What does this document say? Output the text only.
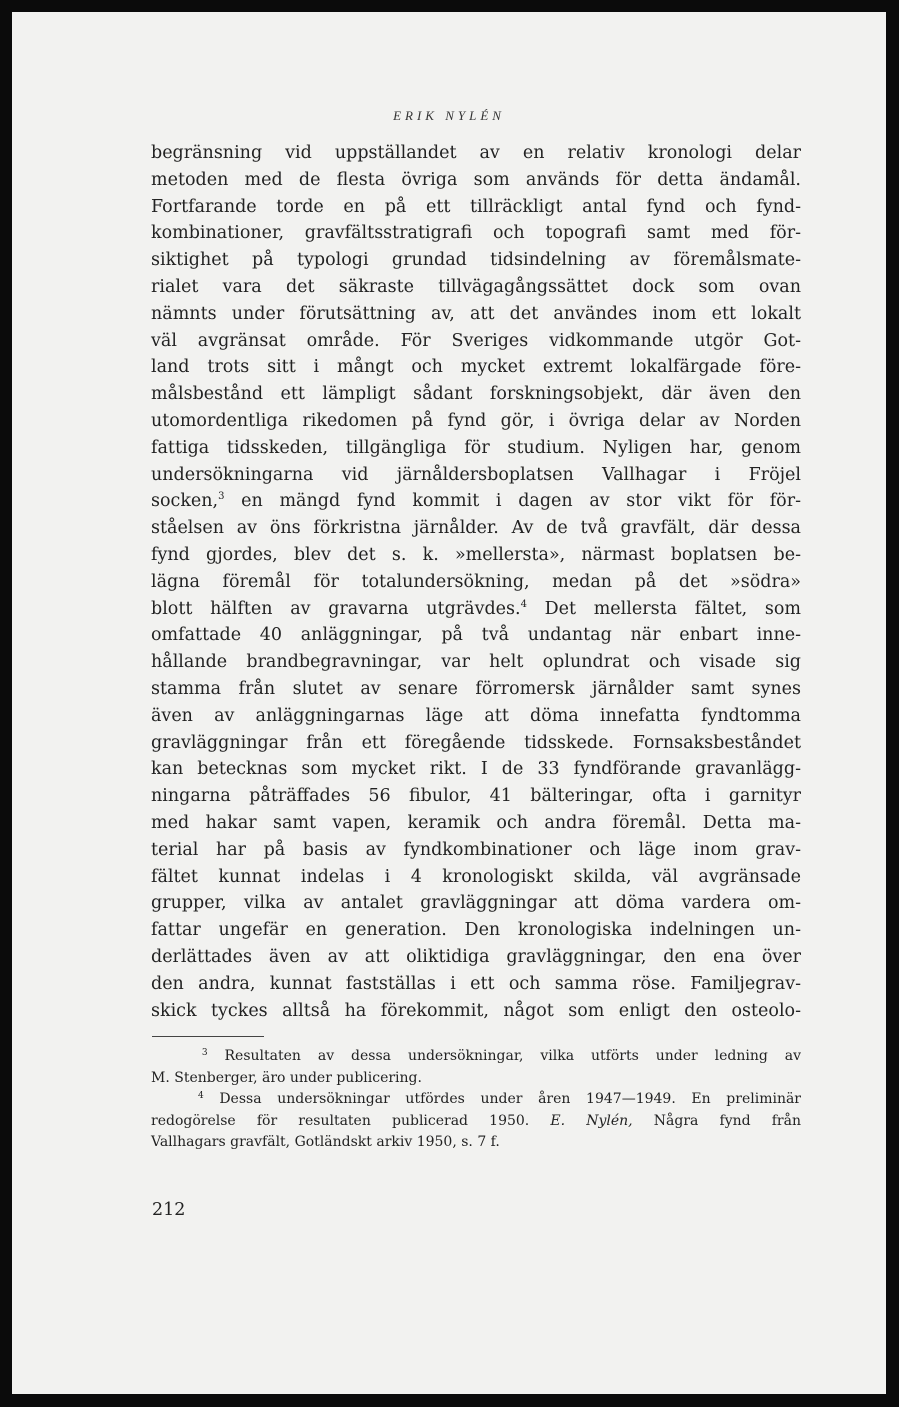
ERIK NYLÉN
begränsning vid uppställandet av en relativ kronologi delar
metoden med de flesta övriga som används för detta ändamål.
Fortfarande torde en på ett tillräckligt antal fynd och fynd-
kombinationer, gravfältsstratigrafi och topografi samt med för-
siktighet på typologi grundad tidsindelning av föremålsmate-
rialet vara det säkraste tillvägagångssättet dock som ovan
nämnts under förutsättning av, att det användes inom ett lokalt
väl avgränsat område. För Sveriges vidkommande utgör Got-
land trots sitt i mångt och mycket extremt lokalfärgade före-
målsbestånd ett lämpligt sådant forskningsobjekt, där även den
utomordentliga rikedomen på fynd gör, i övriga delar av Norden
fattiga tidsskeden, tillgängliga för studium. Nyligen har, genom
undersökningarna vid järnåldersboplatsen Vallhagar i Fröjel
socken,$^3$ en mängd fynd kommit i dagen av stor vikt för för-
ståelsen av öns förkristna järnålder. Av de två gravfält, där dessa
fynd gjordes, blev det s. k. »mellersta», närmast boplatsen be-
lägna föremål för totalundersökning, medan på det »södra»
blott hälften av gravarna utgrävdes.$^4$ Det mellersta fältet, som
omfattade 40 anläggningar, på två undantag när enbart inne-
hållande brandbegravningar, var helt oplundrat och visade sig
stamma från slutet av senare förromersk järnålder samt synes
även av anläggningarnas läge att döma innefatta fyndtomma
gravläggningar från ett föregående tidsskede. Fornsaksbeståndet
kan betecknas som mycket rikt. I de 33 fyndförande gravanlägg-
ningarna påträffades 56 fibulor, 41 bälteringar, ofta i garnityr
med hakar samt vapen, keramik och andra föremål. Detta ma-
terial har på basis av fyndkombinationer och läge inom grav-
fältet kunnat indelas i 4 kronologiskt skilda, väl avgränsade
grupper, vilka av antalet gravläggningar att döma vardera om-
fattar ungefär en generation. Den kronologiska indelningen un-
derlättades även av att oliktidiga gravläggningar, den ena över
den andra, kunnat fastställas i ett och samma röse. Familjegrav-
skick tyckes alltså ha förekommit, något som enligt den osteolo-
$^3$ Resultaten av dessa undersökningar, vilka utförts under ledning av
M. Stenberger, äro under publicering.
$^4$ Dessa undersökningar utfördes under åren 1947—1949. En preliminär
redogörelse för resultaten publicerad 1950. E. Nylén, Några fynd från
Vallhagars gravfält, Gotländskt arkiv 1950, s. 7 f.
212
